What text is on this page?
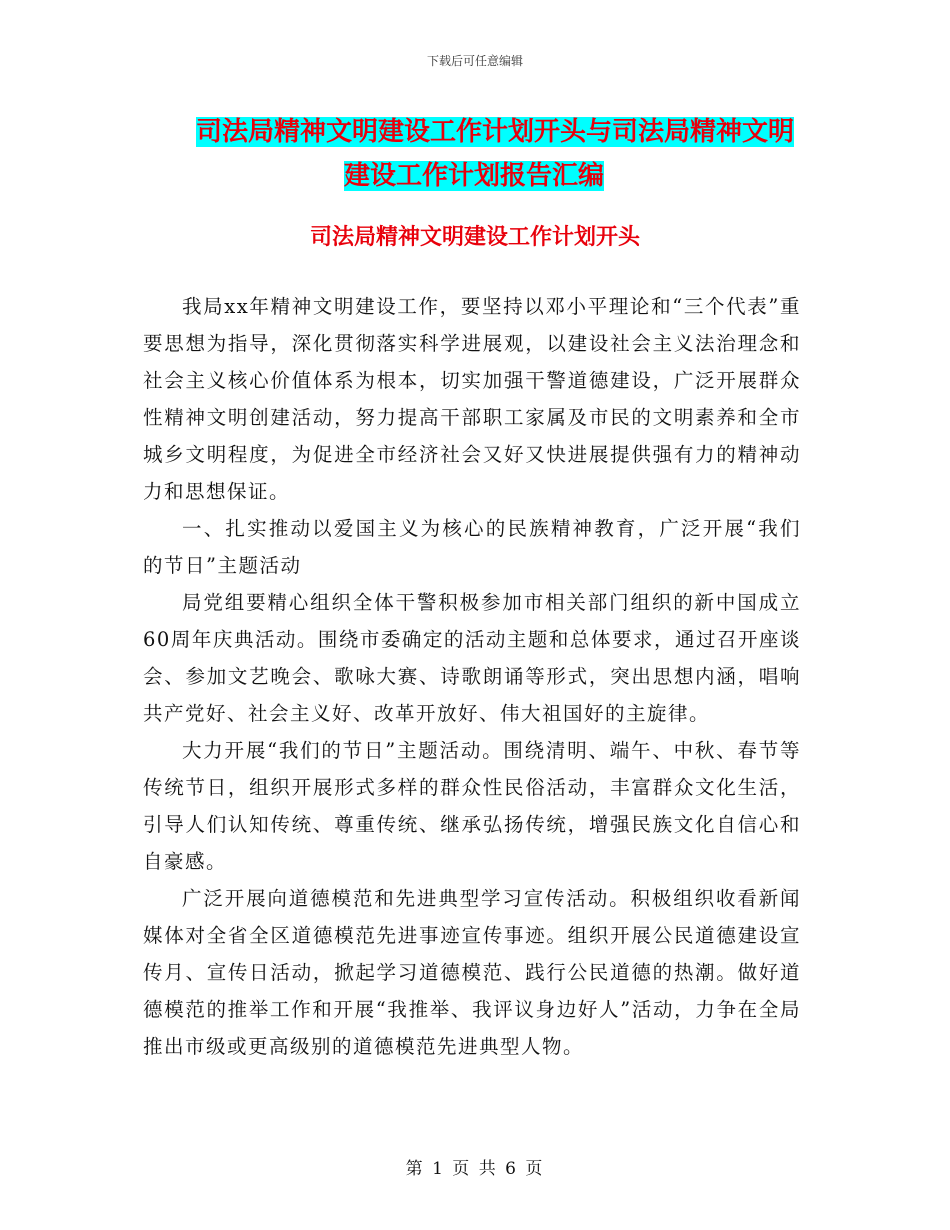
下载后可任意编辑
司法局精神文明建设工作计划开头与司法局精神文明
建设工作计划报告汇编
司法局精神文明建设工作计划开头

我局xx年精神文明建设工作，要坚持以邓小平理论和“三个代表”重要思想为指导，深化贯彻落实科学进展观，以建设社会主义法治理念和社会主义核心价值体系为根本，切实加强干警道德建设，广泛开展群众性精神文明创建活动，努力提高干部职工家属及市民的文明素养和全市城乡文明程度，为促进全市经济社会又好又快进展提供强有力的精神动力和思想保证。

一、扎实推动以爱国主义为核心的民族精神教育，广泛开展“我们的节日”主题活动

局党组要精心组织全体干警积极参加市相关部门组织的新中国成立60周年庆典活动。围绕市委确定的活动主题和总体要求，通过召开座谈会、参加文艺晚会、歌咏大赛、诗歌朗诵等形式，突出思想内涵，唱响共产党好、社会主义好、改革开放好、伟大祖国好的主旋律。

大力开展“我们的节日”主题活动。围绕清明、端午、中秋、春节等传统节日，组织开展形式多样的群众性民俗活动，丰富群众文化生活，引导人们认知传统、尊重传统、继承弘扬传统，增强民族文化自信心和自豪感。

广泛开展向道德模范和先进典型学习宣传活动。积极组织收看新闻媒体对全省全区道德模范先进事迹宣传事迹。组织开展公民道德建设宣传月、宣传日活动，掀起学习道德模范、践行公民道德的热潮。做好道德模范的推举工作和开展“我推举、我评议身边好人”活动，力争在全局推出市级或更高级别的道德模范先进典型人物。

第 1 页 共 6 页
